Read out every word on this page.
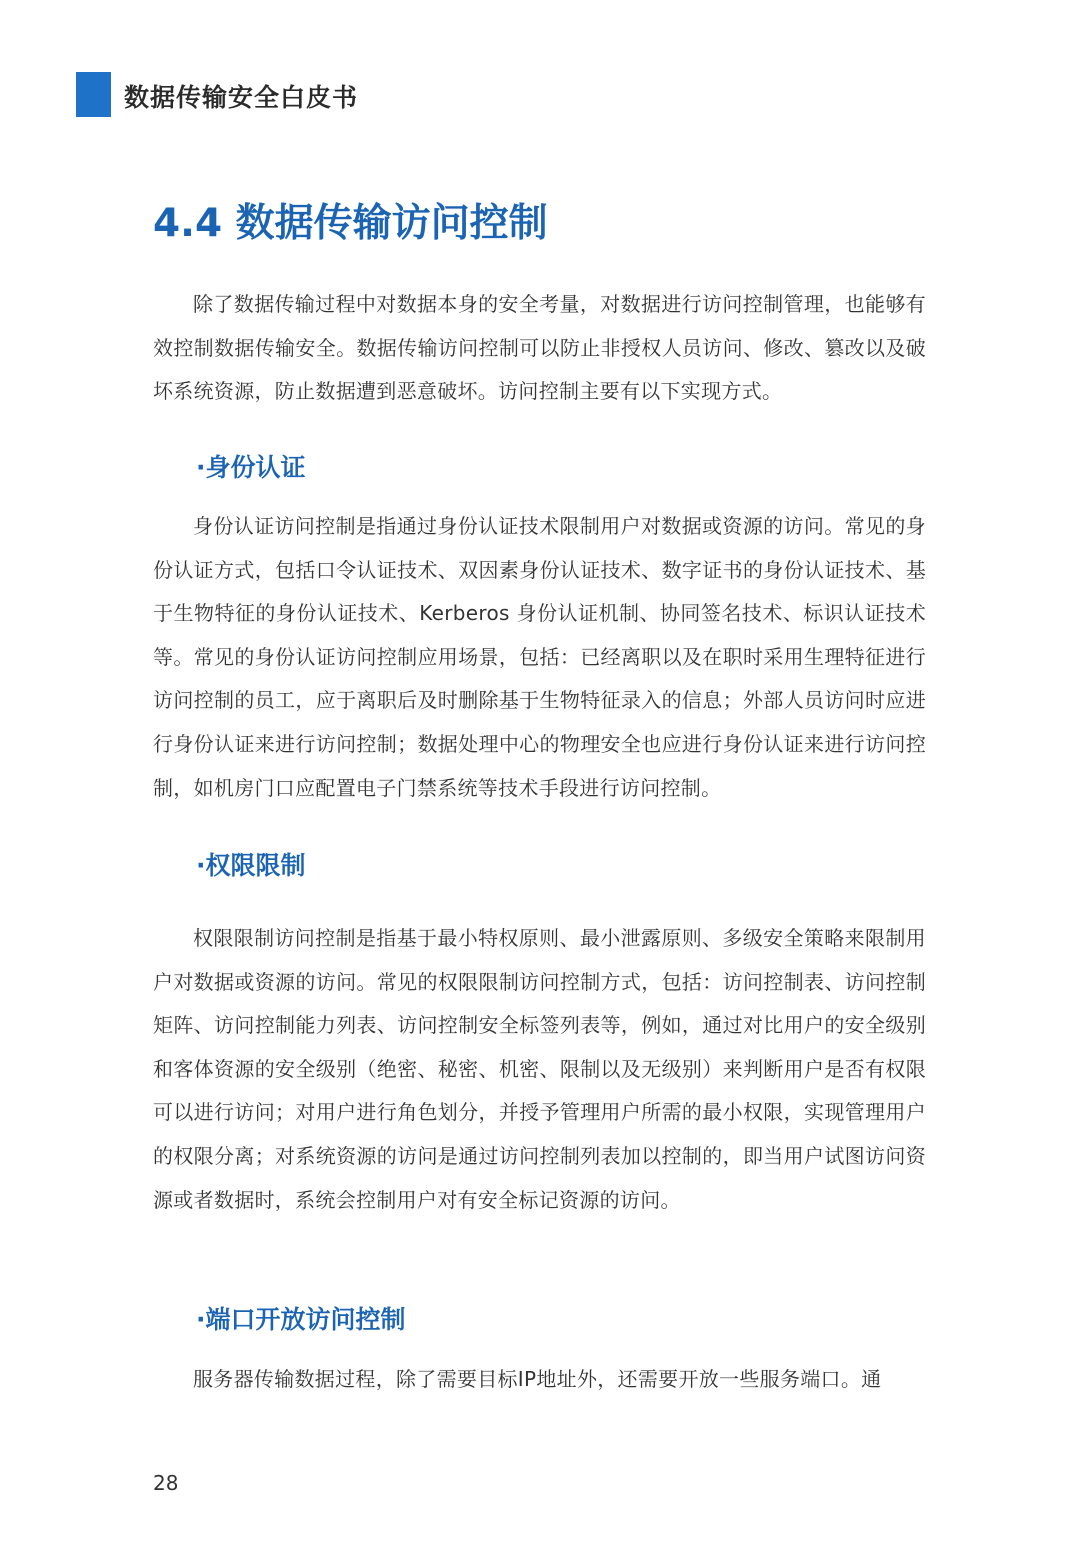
数据传输安全白皮书
4.4 数据传输访问控制

除了数据传输过程中对数据本身的安全考量，对数据进行访问控制管理，也能够有效控制数据传输安全。数据传输访问控制可以防止非授权人员访问、修改、篡改以及破坏系统资源，防止数据遭到恶意破坏。访问控制主要有以下实现方式。

·身份认证

身份认证访问控制是指通过身份认证技术限制用户对数据或资源的访问。常见的身份认证方式，包括口令认证技术、双因素身份认证技术、数字证书的身份认证技术、基于生物特征的身份认证技术、Kerberos 身份认证机制、协同签名技术、标识认证技术等。常见的身份认证访问控制应用场景，包括：已经离职以及在职时采用生理特征进行访问控制的员工，应于离职后及时删除基于生物特征录入的信息；外部人员访问时应进行身份认证来进行访问控制；数据处理中心的物理安全也应进行身份认证来进行访问控制，如机房门口应配置电子门禁系统等技术手段进行访问控制。

·权限限制

权限限制访问控制是指基于最小特权原则、最小泄露原则、多级安全策略来限制用户对数据或资源的访问。常见的权限限制访问控制方式，包括：访问控制表、访问控制矩阵、访问控制能力列表、访问控制安全标签列表等，例如，通过对比用户的安全级别和客体资源的安全级别（绝密、秘密、机密、限制以及无级别）来判断用户是否有权限可以进行访问；对用户进行角色划分，并授予管理用户所需的最小权限，实现管理用户的权限分离；对系统资源的访问是通过访问控制列表加以控制的，即当用户试图访问资源或者数据时，系统会控制用户对有安全标记资源的访问。

·端口开放访问控制

服务器传输数据过程，除了需要目标IP地址外，还需要开放一些服务端口。通

28
